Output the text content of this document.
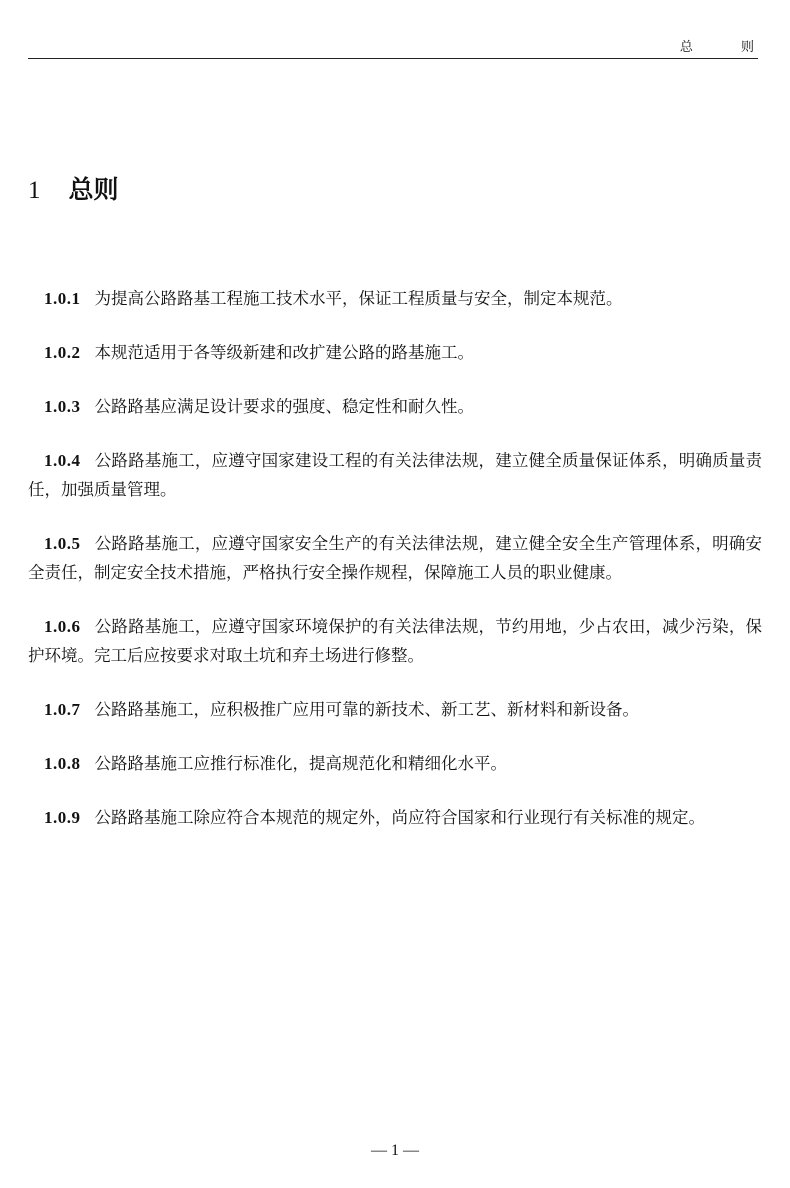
总 则
1 总则

1.0.1 为提高公路路基工程施工技术水平，保证工程质量与安全，制定本规范。

1.0.2 本规范适用于各等级新建和改扩建公路的路基施工。

1.0.3 公路路基应满足设计要求的强度、稳定性和耐久性。

1.0.4 公路路基施工，应遵守国家建设工程的有关法律法规，建立健全质量保证体系，明确质量责任，加强质量管理。

1.0.5 公路路基施工，应遵守国家安全生产的有关法律法规，建立健全安全生产管理体系，明确安全责任，制定安全技术措施，严格执行安全操作规程，保障施工人员的职业健康。

1.0.6 公路路基施工，应遵守国家环境保护的有关法律法规，节约用地，少占农田，减少污染，保护环境。完工后应按要求对取土坑和弃土场进行修整。

1.0.7 公路路基施工，应积极推广应用可靠的新技术、新工艺、新材料和新设备。

1.0.8 公路路基施工应推行标准化，提高规范化和精细化水平。

1.0.9 公路路基施工除应符合本规范的规定外，尚应符合国家和行业现行有关标准的规定。

— 1 —
